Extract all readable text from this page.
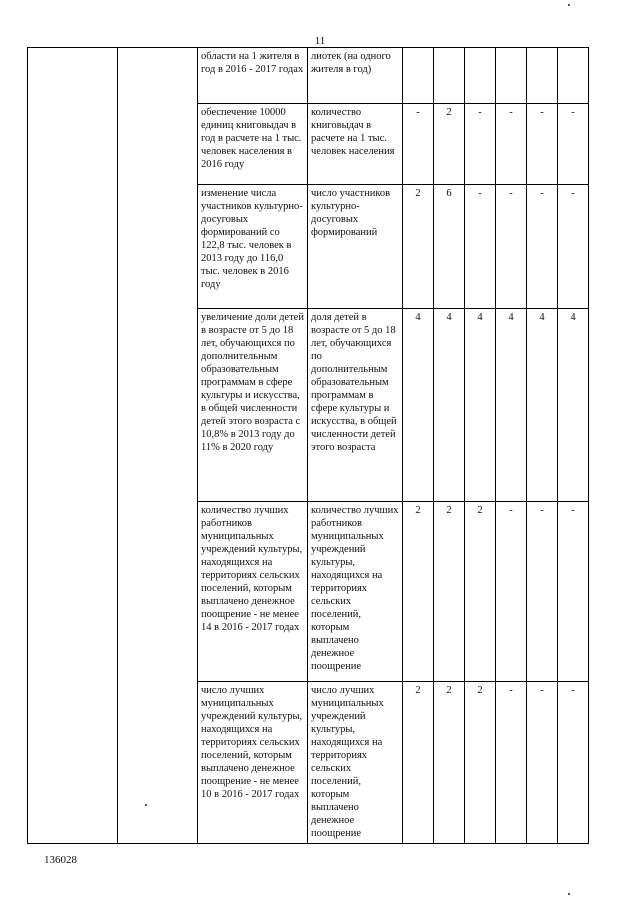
11
		области на 1 жителя в год в 2016 - 2017 годах	лиотек (на одного жителя в год)						
		обеспечение 10000 единиц книговыдач в год в расчете на 1 тыс. человек населения в 2016 году	количество книговыдач в расчете на 1 тыс. человек населения	-	2	-	-	-	-
		изменение числа участников культурно-досуговых формирований со 122,8 тыс. человек в 2013 году до 116,0 тыс. человек в 2016 году	число участников культурно-досуговых формирований	2	6	-	-	-	-
		увеличение доли детей в возрасте от 5 до 18 лет, обучающихся по дополнительным образовательным программам в сфере культуры и искусства, в общей численности детей этого возраста с 10,8% в 2013 году до 11% в 2020 году	доля детей в возрасте от 5 до 18 лет, обучающихся по дополнительным образовательным программам в сфере культуры и искусства, в общей численности детей этого возраста	4	4	4	4	4	4
		количество лучших работников муниципальных учреждений культуры, находящихся на территориях сельских поселений, которым выплачено денежное поощрение - не менее 14 в 2016 - 2017 годах	количество лучших работников муниципальных учреждений культуры, находящихся на территориях сельских поселений, которым выплачено денежное поощрение	2	2	2	-	-	-
		число лучших муниципальных учреждений культуры, находящихся на территориях сельских поселений, которым выплачено денежное поощрение - не менее 10 в 2016 - 2017 годах	число лучших муниципальных учреждений культуры, находящихся на территориях сельских поселений, которым выплачено денежное поощрение	2	2	2	-	-	-
136028
